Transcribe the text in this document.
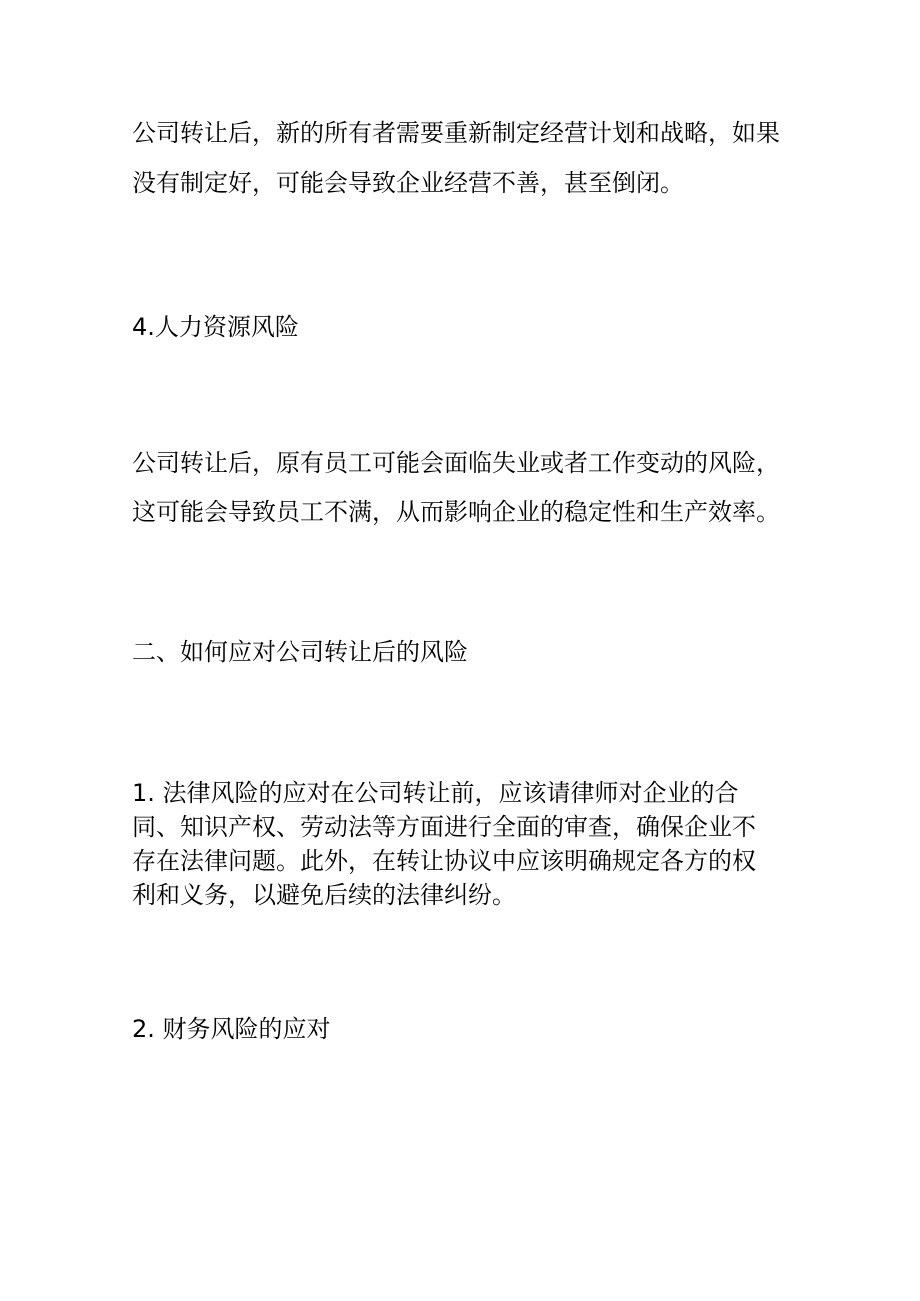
公司转让后，新的所有者需要重新制定经营计划和战略，如果

没有制定好，可能会导致企业经营不善，甚至倒闭。

4.人力资源风险

公司转让后，原有员工可能会面临失业或者工作变动的风险，

这可能会导致员工不满，从而影响企业的稳定性和生产效率。

二、如何应对公司转让后的风险

1. 法律风险的应对在公司转让前，应该请律师对企业的合

同、知识产权、劳动法等方面进行全面的审查，确保企业不

存在法律问题。此外，在转让协议中应该明确规定各方的权

利和义务，以避免后续的法律纠纷。

2. 财务风险的应对
